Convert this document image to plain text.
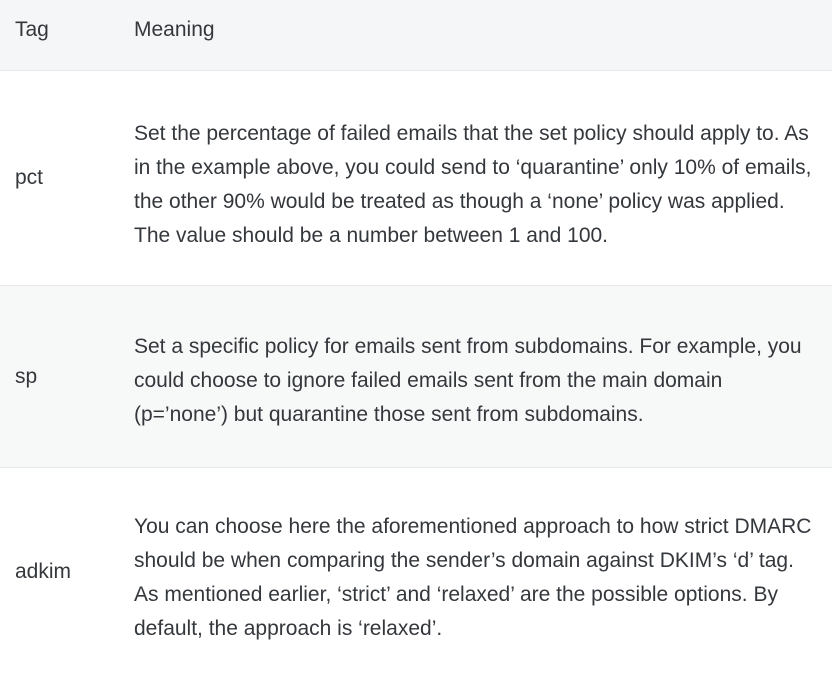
Tag	Meaning
pct
Set the percentage of failed emails that the set policy should apply to. As in the example above, you could send to ‘quarantine’ only 10% of emails, the other 90% would be treated as though a ‘none’ policy was applied. The value should be a number between 1 and 100.
sp
Set a specific policy for emails sent from subdomains. For example, you could choose to ignore failed emails sent from the main domain (p=’none’) but quarantine those sent from subdomains.
adkim
You can choose here the aforementioned approach to how strict DMARC should be when comparing the sender’s domain against DKIM’s ‘d’ tag. As mentioned earlier, ‘strict’ and ‘relaxed’ are the possible options. By default, the approach is ‘relaxed’.
